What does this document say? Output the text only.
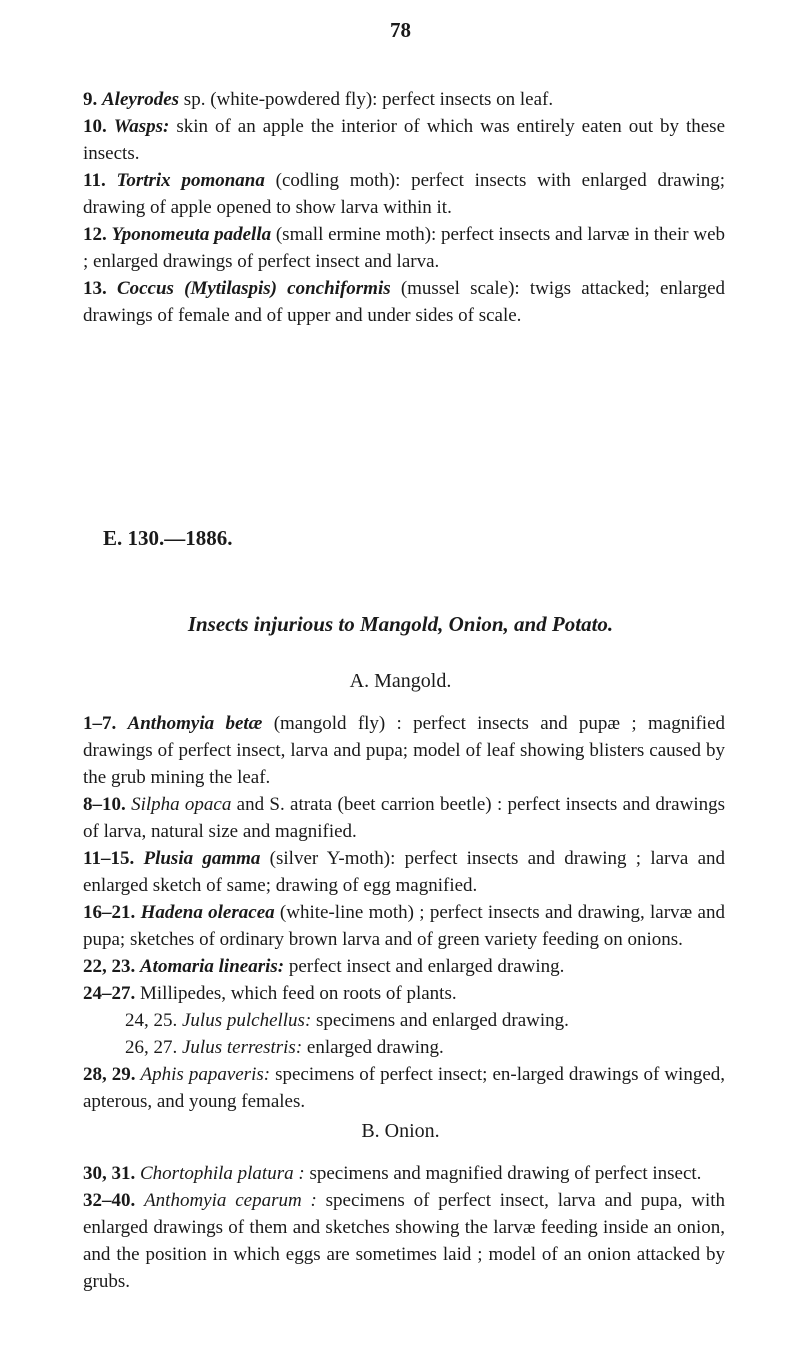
78

9. Aleyrodes sp. (white-powdered fly): perfect insects on leaf.

10. Wasps: skin of an apple the interior of which was entirely eaten out by these insects.

11. Tortrix pomonana (codling moth): perfect insects with enlarged drawing; drawing of apple opened to show larva within it.

12. Yponomeuta padella (small ermine moth): perfect insects and larvæ in their web ; enlarged drawings of perfect insect and larva.

13. Coccus (Mytilaspis) conchiformis (mussel scale): twigs attacked; enlarged drawings of female and of upper and under sides of scale.

E. 130.—1886.
Insects injurious to Mangold, Onion, and Potato.
A. Mangold.

1–7. Anthomyia betæ (mangold fly) : perfect insects and pupæ ; magnified drawings of perfect insect, larva and pupa; model of leaf showing blisters caused by the grub mining the leaf.

8–10. Silpha opaca and S. atrata (beet carrion beetle) : perfect insects and drawings of larva, natural size and magnified.

11–15. Plusia gamma (silver Y-moth): perfect insects and drawing ; larva and enlarged sketch of same; drawing of egg magnified.

16–21. Hadena oleracea (white-line moth) ; perfect insects and drawing, larvæ and pupa; sketches of ordinary brown larva and of green variety feeding on onions.

22, 23. Atomaria linearis: perfect insect and enlarged drawing.

24–27. Millipedes, which feed on roots of plants.

24, 25. Julus pulchellus: specimens and enlarged drawing.

26, 27. Julus terrestris: enlarged drawing.

28, 29. Aphis papaveris: specimens of perfect insect; en-larged drawings of winged, apterous, and young females.

B. Onion.

30, 31. Chortophila platura : specimens and magnified drawing of perfect insect.

32–40. Anthomyia ceparum : specimens of perfect insect, larva and pupa, with enlarged drawings of them and sketches showing the larvæ feeding inside an onion, and the position in which eggs are sometimes laid ; model of an onion attacked by grubs.
